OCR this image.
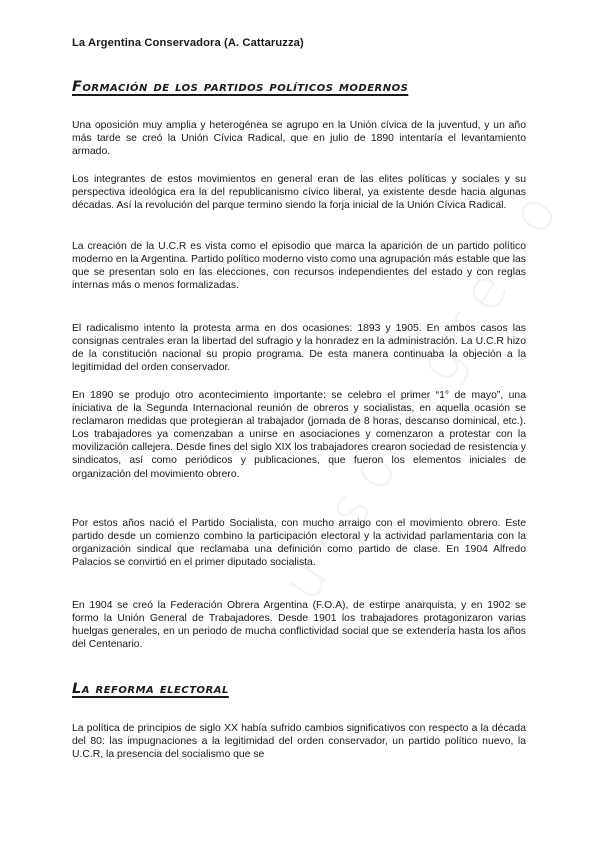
La Argentina Conservadora (A. Cattaruzza)
Formación de los partidos políticos modernos

Una oposición muy amplia y heterogénea se agrupo en la Unión cívica de la juventud, y un año más tarde se creó la Unión Cívica Radical, que en julio de 1890 intentaría el levantamiento armado.

Los integrantes de estos movimientos en general eran de las elites políticas y sociales y su perspectiva ideológica era la del republicanismo cívico liberal, ya existente desde hacia algunas décadas. Así la revolución del parque termino siendo la forja inicial de la Unión Cívica Radical.

La creación de la U.C.R es vista como el episodio que marca la aparición de un partido político moderno en la Argentina. Partido político moderno visto como una agrupación más estable que las que se presentan solo en las elecciones, con recursos independientes del estado y con reglas internas más o menos formalizadas.

El radicalismo intento la protesta arma en dos ocasiones: 1893 y 1905. En ambos casos las consignas centrales eran la libertad del sufragio y la honradez en la administración. La U.C.R hizo de la constitución nacional su propio programa. De esta manera continuaba la objeción a la legitimidad del orden conservador.

En 1890 se produjo otro acontecimiento importante: se celebro el primer “1° de mayo”, una iniciativa de la Segunda Internacional reunión de obreros y socialistas, en aquella ocasión se reclamaron medidas que protegieran al trabajador (jornada de 8 horas, descanso dominical, etc.). Los trabajadores ya comenzaban a unirse en asociaciones y comenzaron a protestar con la movilización callejera. Desde fines del siglo XIX los trabajadores crearon sociedad de resistencia y sindicatos, así como periódicos y publicaciones, que fueron los elementos iniciales de organización del movimiento obrero.

Por estos años nació el Partido Socialista, con mucho arraigo con el movimiento obrero. Este partido desde un comienzo combino la participación electoral y la actividad parlamentaria con la organización sindical que reclamaba una definición como partido de clase. En 1904 Alfredo Palacios se convirtió en el primer diputado socialista.

En 1904 se creó la Federación Obrera Argentina (F.O.A), de estirpe anarquista, y en 1902 se formo la Unión General de Trabajadores. Desde 1901 los trabajadores protagonizaron varias huelgas generales, en un periodo de mucha conflictividad social que se extendería hasta los años del Centenario.

La reforma electoral

La política de principios de siglo XX había sufrido cambios significativos con respecto a la década del 80: las impugnaciones a la legitimidad del orden conservador, un partido político nuevo, la U.C.R, la presencia del socialismo que se
